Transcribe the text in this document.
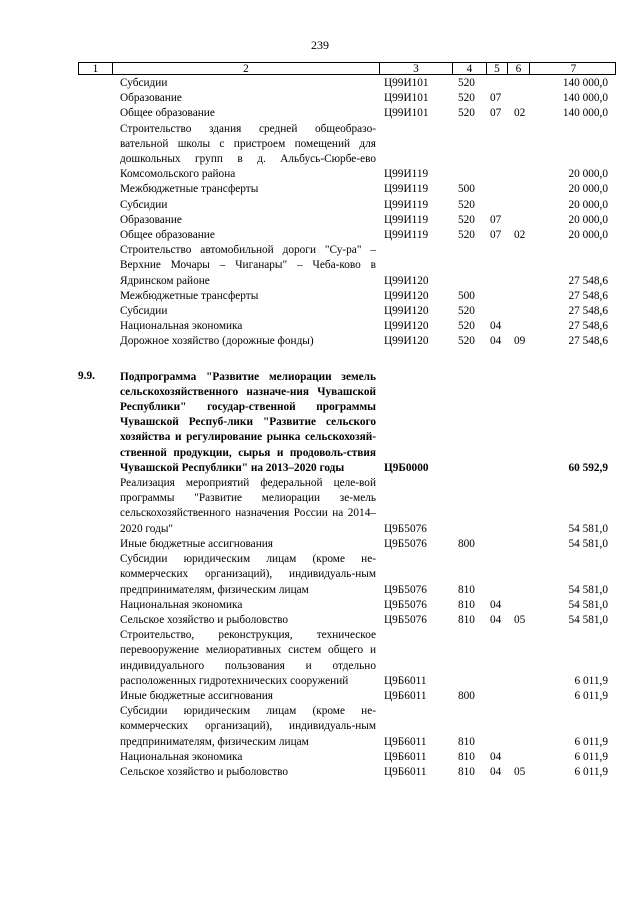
239
1	2	3	4	5	6	7
Субсидии	Ц99И101	520	140 000,0
Образование	Ц99И101	520	07	140 000,0
Общее образование	Ц99И101	520	07	02	140 000,0
Строительство здания средней общеобразо-вательной школы с пристроем помещений для дошкольных групп в д. Альбусь-Сюрбе-ево Комсомольского района	Ц99И119	20 000,0
Межбюджетные трансферты	Ц99И119	500	20 000,0
Субсидии	Ц99И119	520	20 000,0
Образование	Ц99И119	520	07	20 000,0
Общее образование	Ц99И119	520	07	02	20 000,0
Строительство автомобильной дороги "Су-ра" – Верхние Мочары – Чиганары" – Чеба-ково в Ядринском районе	Ц99И120	27 548,6
Межбюджетные трансферты	Ц99И120	500	27 548,6
Субсидии	Ц99И120	520	27 548,6
Национальная экономика	Ц99И120	520	04	27 548,6
Дорожное хозяйство (дорожные фонды)	Ц99И120	520	04	09	27 548,6
9.9.	Подпрограмма "Развитие мелиорации земель сельскохозяйственного назначе-ния Чувашской Республики" государ-ственной программы Чувашской Респуб-лики "Развитие сельского хозяйства и регулирование рынка сельскохозяй-ственной продукции, сырья и продоволь-ствия Чувашской Республики" на 2013–2020 годы	Ц9Б0000	60 592,9
Реализация мероприятий федеральной целе-вой программы "Развитие мелиорации зе-мель сельскохозяйственного назначения России на 2014–2020 годы"	Ц9Б5076	54 581,0
Иные бюджетные ассигнования	Ц9Б5076	800	54 581,0
Субсидии юридическим лицам (кроме не-коммерческих организаций), индивидуаль-ным предпринимателям, физическим лицам	Ц9Б5076	810	54 581,0
Национальная экономика	Ц9Б5076	810	04	54 581,0
Сельское хозяйство и рыболовство	Ц9Б5076	810	04	05	54 581,0
Строительство, реконструкция, техническое перевооружение мелиоративных систем общего и индивидуального пользования и отдельно расположенных гидротехнических сооружений	Ц9Б6011	6 011,9
Иные бюджетные ассигнования	Ц9Б6011	800	6 011,9
Субсидии юридическим лицам (кроме не-коммерческих организаций), индивидуаль-ным предпринимателям, физическим лицам	Ц9Б6011	810	6 011,9
Национальная экономика	Ц9Б6011	810	04	6 011,9
Сельское хозяйство и рыболовство	Ц9Б6011	810	04	05	6 011,9
